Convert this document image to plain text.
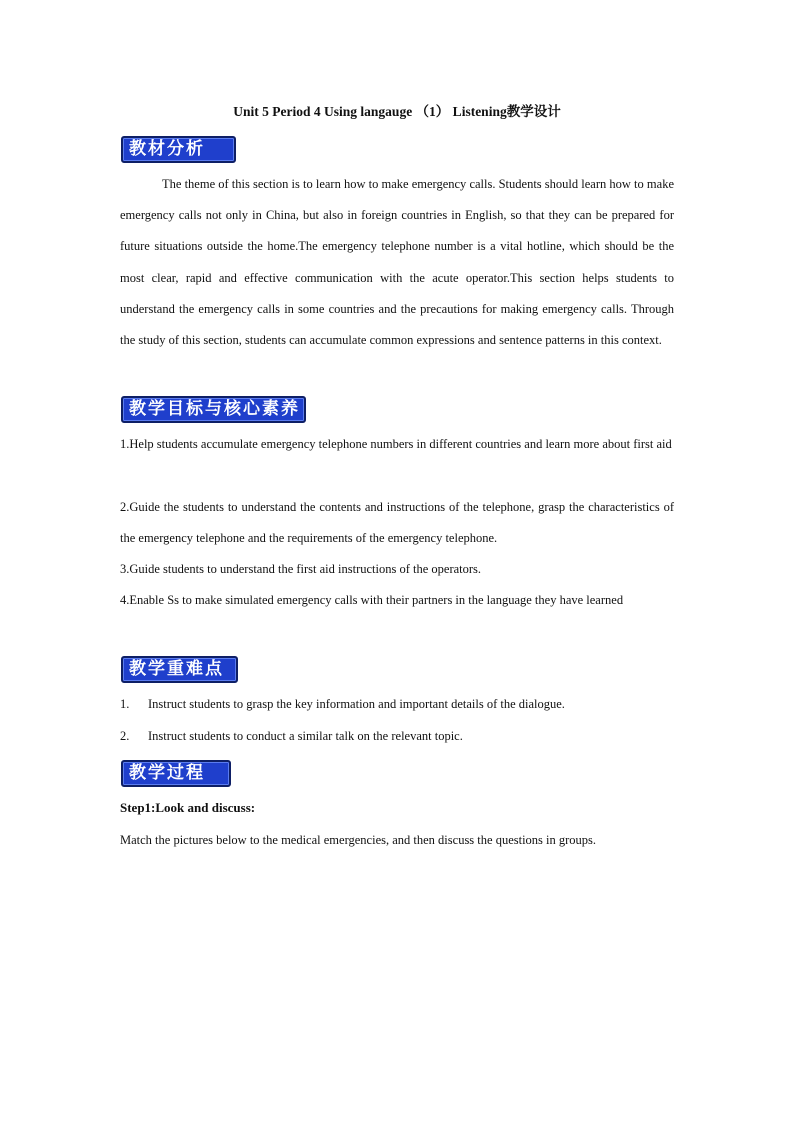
Unit 5 Period 4 Using langauge （1） Listening教学设计
教材分析

The theme of this section is to learn how to make emergency calls. Students should learn how to make emergency calls not only in China, but also in foreign countries in English, so that they can be prepared for future situations outside the home.The emergency telephone number is a vital hotline, which should be the most clear, rapid and effective communication with the acute operator.This section helps students to understand the emergency calls in some countries and the precautions for making emergency calls. Through the study of this section, students can accumulate common expressions and sentence patterns in this context.

教学目标与核心素养

1.Help students accumulate emergency telephone numbers in different countries and learn more about first aid

2.Guide the students to understand the contents and instructions of the telephone, grasp the characteristics of the emergency telephone and the requirements of the emergency telephone.

3.Guide students to understand the first aid instructions of the operators.

4.Enable Ss to make simulated emergency calls with their partners in the language they have learned

教学重难点
1. Instruct students to grasp the key information and important details of the dialogue.
2. Instruct students to conduct a similar talk on the relevant topic.
教学过程
Step1:Look and discuss:
Match the pictures below to the medical emergencies, and then discuss the questions in groups.
